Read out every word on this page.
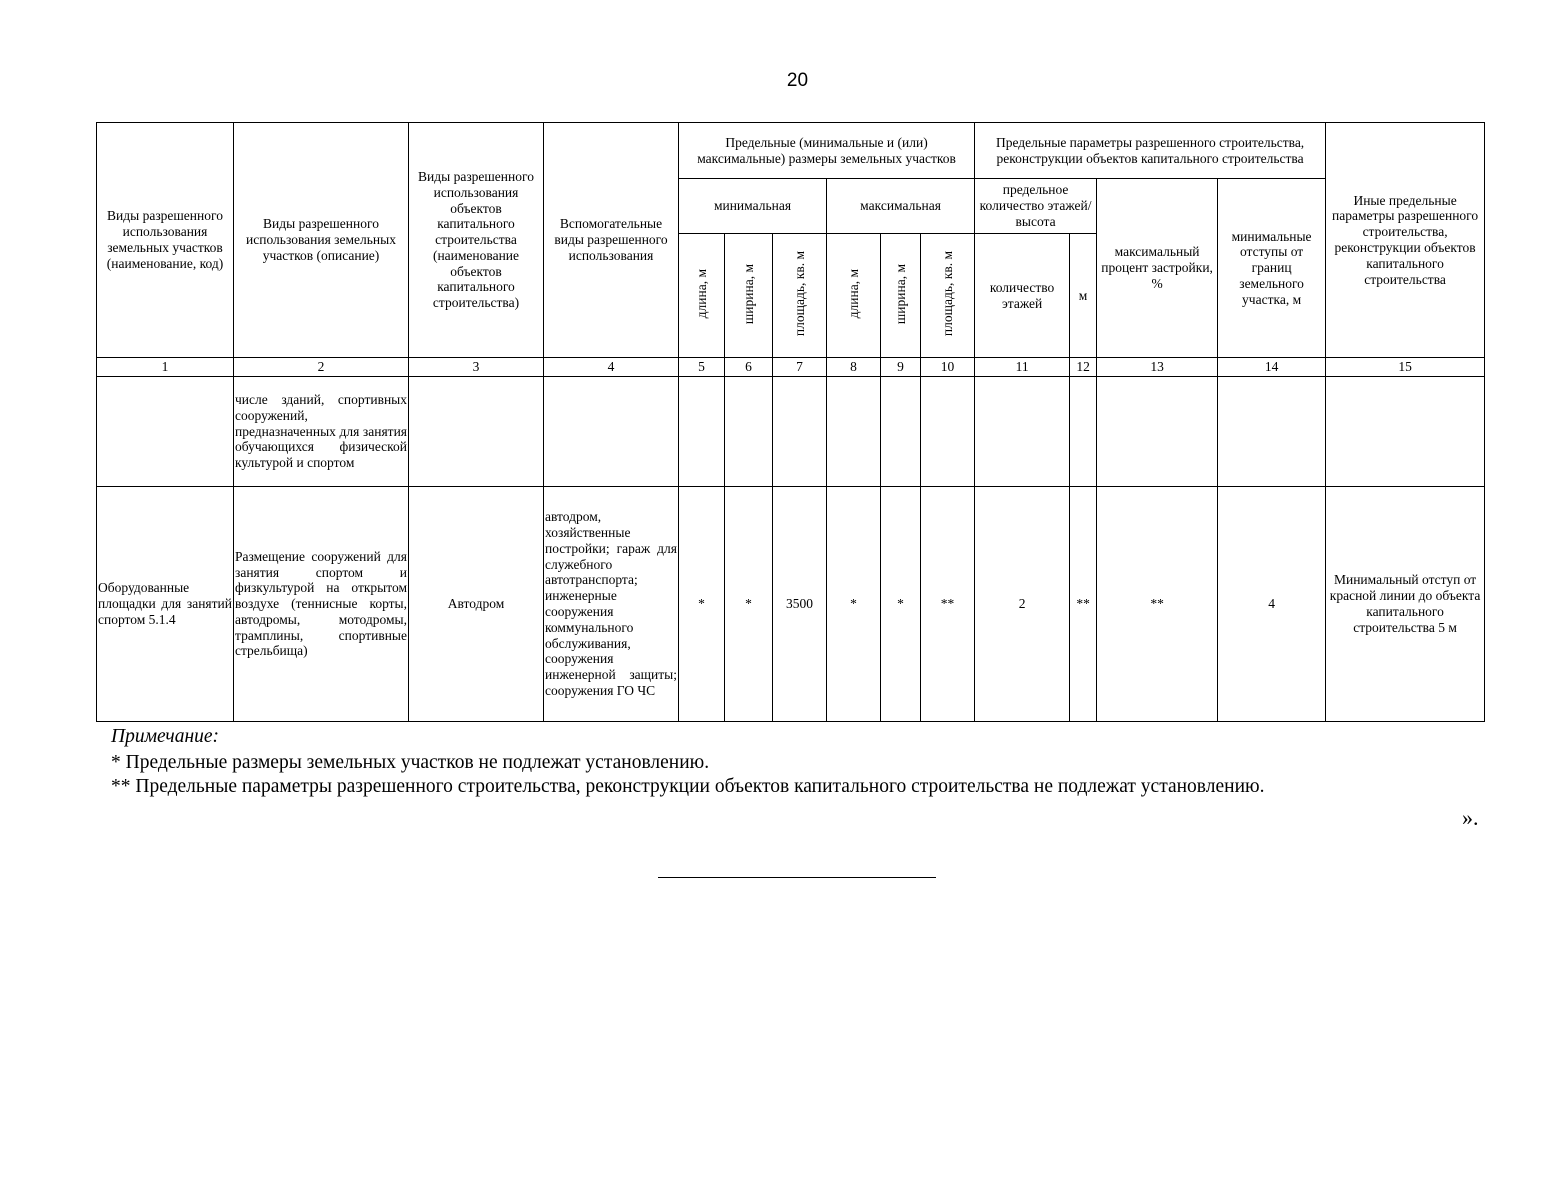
20
Виды разрешенного использования земельных участков (наименование, код)	Виды разрешенного использования земельных участков (описание)	Виды разрешенного использования объектов капитального строительства (наименование объектов капитального строительства)	Вспомогательные виды разрешенного использования	Предельные (минимальные и (или) максимальные) размеры земельных участков						Предельные параметры разрешенного строительства, реконструкции объектов капитального строительства				Иные предельные параметры разрешенного строительства, реконструкции объектов капитального строительства
				минимальная			максимальная			предельное количество этажей/высота		максимальный процент застройки, %	минимальные отступы от границ земельного участка, м	

				длина, м	ширина, м	площадь, кв. м	длина, м	ширина, м	площадь, кв. м	количество этажей	м			
1	2	3	4	5	6	7	8	9	10	11	12	13	14	15
	числе зданий, спортивных сооружений, предназначенных для занятия обучающихся физической культурой и спортом													
Оборудованные площадки для занятий спортом 5.1.4	Размещение сооружений для занятия спортом и физкультурой на открытом воздухе (теннисные корты, автодромы, мотодромы, трамплины, спортивные стрельбища)	Автодром	автодром, хозяйственные постройки; гараж для служебного автотранспорта; инженерные сооружения коммунального обслуживания, сооружения инженерной защиты; сооружения ГО ЧС	*	*	3500	*	*	**	2	**	**	4	Минимальный отступ от красной линии до объекта капитального строительства 5 м
Примечание:
* Предельные размеры земельных участков не подлежат установлению.
** Предельные параметры разрешенного строительства, реконструкции объектов капитального строительства не подлежат установлению.
».
